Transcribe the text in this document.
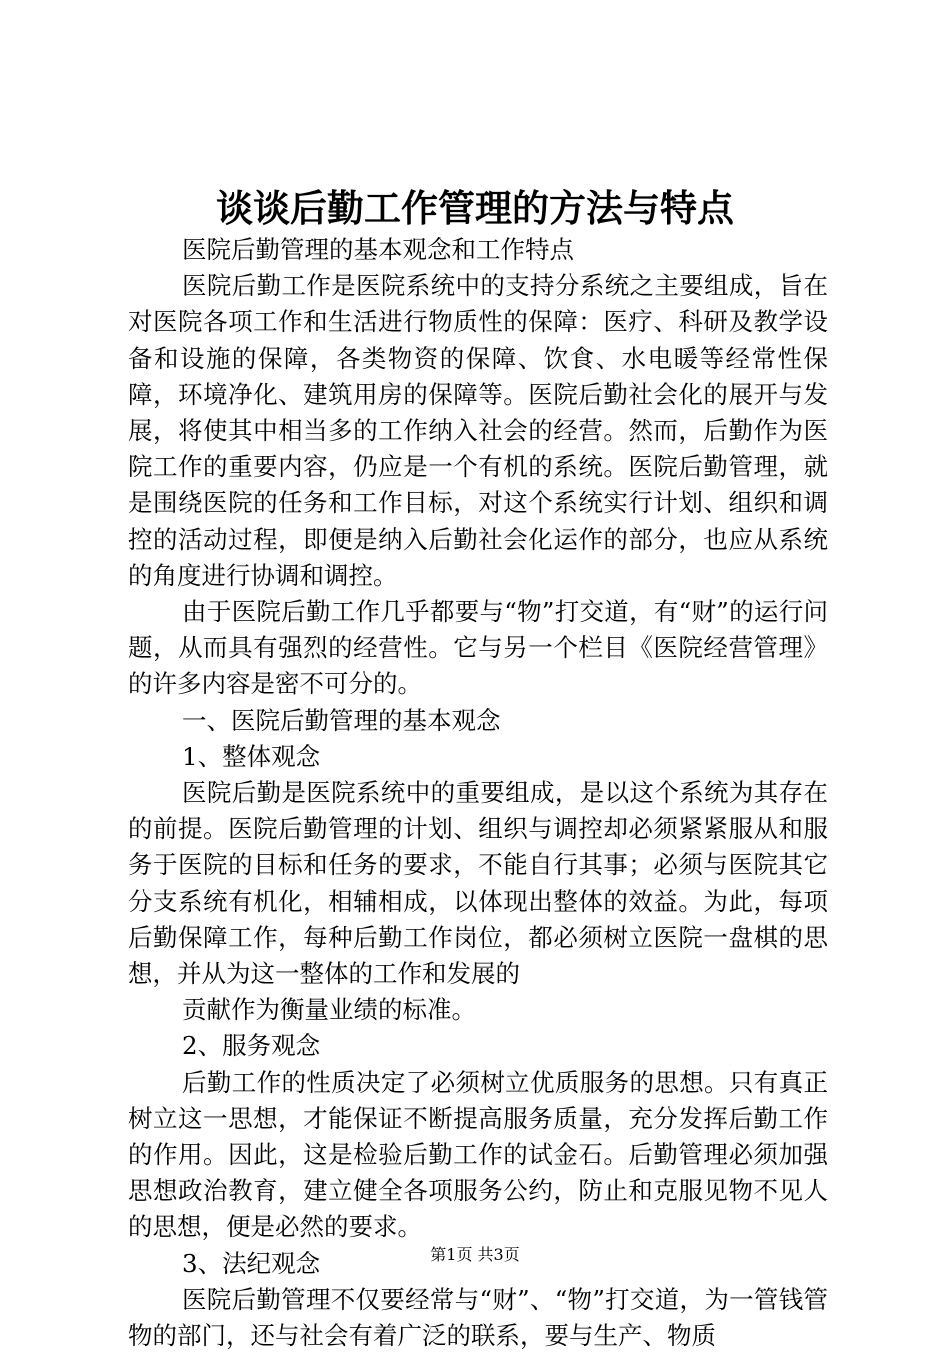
谈谈后勤工作管理的方法与特点

医院后勤管理的基本观念和工作特点

医院后勤工作是医院系统中的支持分系统之主要组成，旨在对医院各项工作和生活进行物质性的保障：医疗、科研及教学设备和设施的保障，各类物资的保障、饮食、水电暖等经常性保障，环境净化、建筑用房的保障等。医院后勤社会化的展开与发展，将使其中相当多的工作纳入社会的经营。然而，后勤作为医院工作的重要内容，仍应是一个有机的系统。医院后勤管理，就是围绕医院的任务和工作目标，对这个系统实行计划、组织和调控的活动过程，即便是纳入后勤社会化运作的部分，也应从系统的角度进行协调和调控。

由于医院后勤工作几乎都要与“物”打交道，有“财”的运行问题，从而具有强烈的经营性。它与另一个栏目《医院经营管理》的许多内容是密不可分的。

一、医院后勤管理的基本观念

1、整体观念

医院后勤是医院系统中的重要组成，是以这个系统为其存在的前提。医院后勤管理的计划、组织与调控却必须紧紧服从和服务于医院的目标和任务的要求，不能自行其事；必须与医院其它分支系统有机化，相辅相成，以体现出整体的效益。为此，每项后勤保障工作，每种后勤工作岗位，都必须树立医院一盘棋的思想，并从为这一整体的工作和发展的

贡献作为衡量业绩的标准。

2、服务观念

后勤工作的性质决定了必须树立优质服务的思想。只有真正树立这一思想，才能保证不断提高服务质量，充分发挥后勤工作的作用。因此，这是检验后勤工作的试金石。后勤管理必须加强思想政治教育，建立健全各项服务公约，防止和克服见物不见人的思想，便是必然的要求。

3、法纪观念

医院后勤管理不仅要经常与“财”、“物”打交道，为一管钱管物的部门，还与社会有着广泛的联系，要与生产、物质

第1页 共3页
